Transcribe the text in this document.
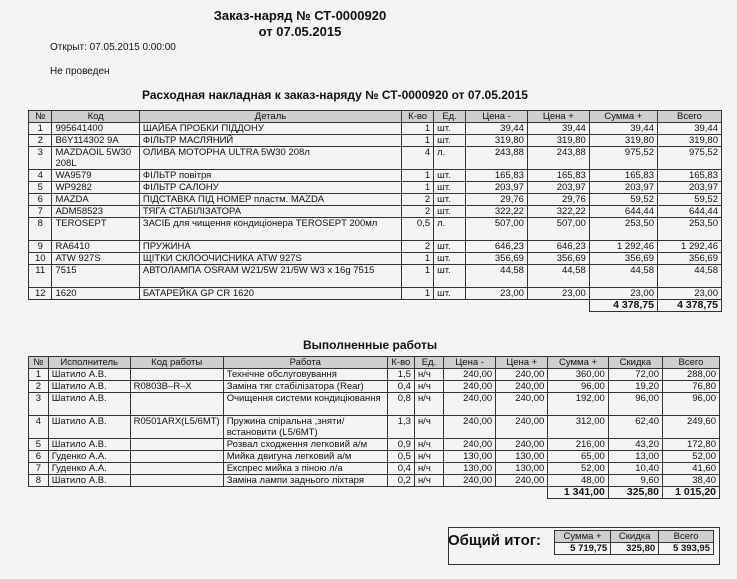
Заказ-наряд № СТ-0000920
от 07.05.2015
Открыт: 07.05.2015 0:00:00
Не проведен
Расходная накладная к заказ-наряду № СТ-0000920 от 07.05.2015
№	Код	Деталь	К-во	Ед.	Цена -	Цена +	Сумма +	Всего
1	995641400	ШАЙБА ПРОБКИ ПІДДОНУ	1	шт.	39,44	39,44	39,44	39,44
2	B6Y114302 9A	ФІЛЬТР МАСЛЯНИЙ	1	шт.	319,80	319,80	319,80	319,80
3	MAZDAOIL 5W30 208L	ОЛИВА МОТОРНА ULTRA 5W30 208л	4	л.	243,88	243,88	975,52	975,52
4	WA9579	ФІЛЬТР повітря	1	шт.	165,83	165,83	165,83	165,83
5	WP9282	ФІЛЬТР САЛОНУ	1	шт.	203,97	203,97	203,97	203,97
6	MAZDA	ПІДСТАВКА ПІД НОМЕР пластм. MAZDA	2	шт.	29,76	29,76	59,52	59,52
7	ADM58523	ТЯГА СТАБІЛІЗАТОРА	2	шт.	322,22	322,22	644,44	644,44
8	TEROSEPT	ЗАСІБ для чищення кондиціонера TEROSEPT 200мл	0,5	л.	507,00	507,00	253,50	253,50
9	RA6410	ПРУЖИНА	2	шт.	646,23	646,23	1 292,46	1 292,46
10	ATW 927S	ЩІТКИ СКЛООЧИСНИКА ATW 927S	1	шт.	356,69	356,69	356,69	356,69
11	7515	АВТОЛАМПА OSRAM W21/5W 21/5W W3 x 16g 7515	1	шт.	44,58	44,58	44,58	44,58
12	1620	БАТАРЕЙКА GP CR 1620	1	шт.	23,00	23,00	23,00	23,00
							4 378,75	4 378,75
Выполненные работы
№	Исполнитель	Код работы	Работа	К-во	Ед.	Цена -	Цена +	Сумма +	Скидка	Всего
1	Шатило А.В.		Технічне обслуговування	1,5	н/ч	240,00	240,00	360,00	72,00	288,00
2	Шатило А.В.	R0803B–R–X	Заміна тяг стабілізатора (Rear)	0,4	н/ч	240,00	240,00	96,00	19,20	76,80
3	Шатило А.В.		Очищення системи кондиціювання	0,8	н/ч	240,00	240,00	192,00	96,00	96,00
4	Шатило А.В.	R0501ARX(L5/6MT)	Пружина спіральна ,зняти/встановити (L5/6MT)	1,3	н/ч	240,00	240,00	312,00	62,40	249,60
5	Шатило А.В.		Розвал сходження легковий а/м	0,9	н/ч	240,00	240,00	216,00	43,20	172,80
6	Гуденко А.А.		Мийка двигуна легковий а/м	0,5	н/ч	130,00	130,00	65,00	13,00	52,00
7	Гуденко А.А.		Експрес мийка з піною л/а	0,4	н/ч	130,00	130,00	52,00	10,40	41,60
8	Шатило А.В.		Заміна лампи заднього ліхтаря	0,2	н/ч	240,00	240,00	48,00	9,60	38,40
								1 341,00	325,80	1 015,20
Общий итог: Сумма +	Скидка	Всего
5 719,75	325,80	5 393,95
